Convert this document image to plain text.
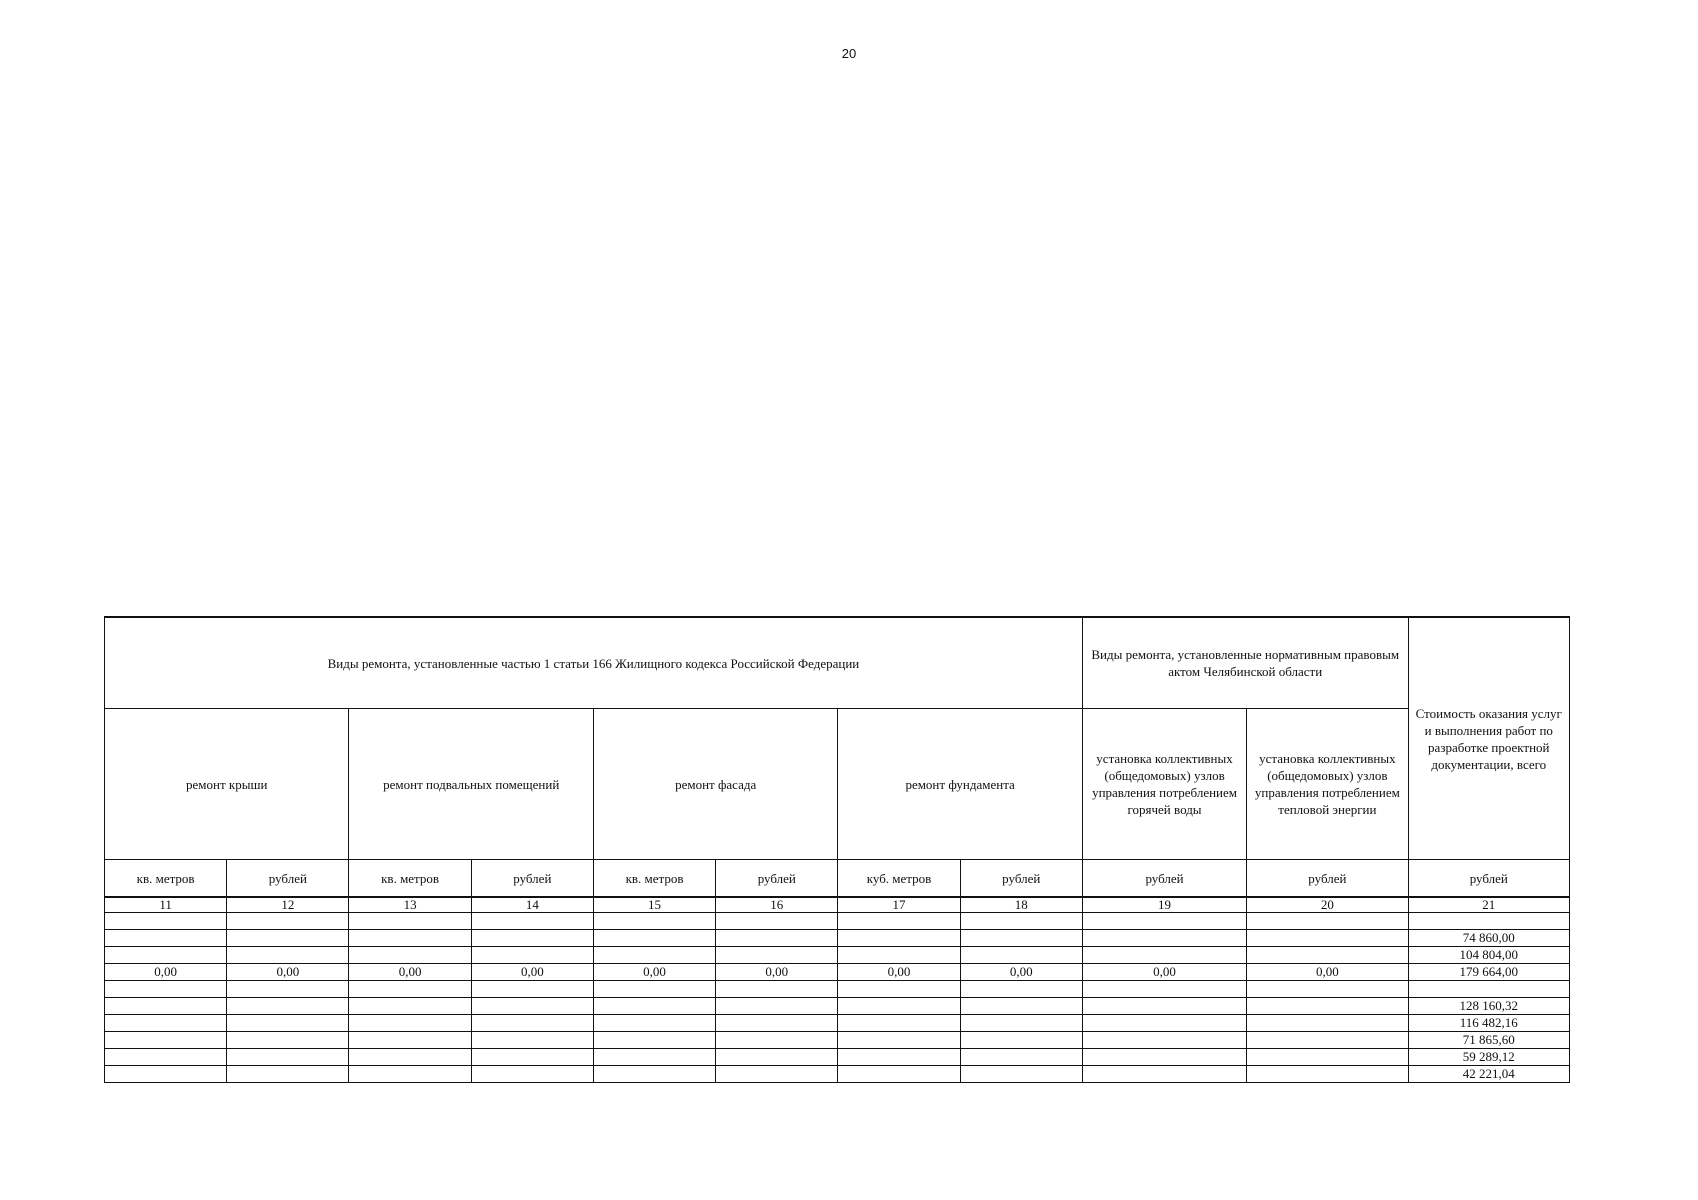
20
Виды ремонта, установленные частью 1 статьи 166 Жилищного кодекса Российской Федерации								Виды ремонта, установленные нормативным правовым актом Челябинской области		Стоимость оказания услуг и выполнения работ по разработке проектной документации, всего
ремонт крыши		ремонт подвальных помещений		ремонт фасада		ремонт фундамента		установка коллективных (общедомовых) узлов управления потреблением горячей воды	установка коллективных (общедомовых) узлов управления потреблением тепловой энергии	
кв. метров	рублей	кв. метров	рублей	кв. метров	рублей	куб. метров	рублей	рублей	рублей	рублей
11	12	13	14	15	16	17	18	19	20	21

										74 860,00
										104 804,00
0,00	0,00	0,00	0,00	0,00	0,00	0,00	0,00	0,00	0,00	179 664,00

										128 160,32
										116 482,16
										71 865,60
										59 289,12
										42 221,04
